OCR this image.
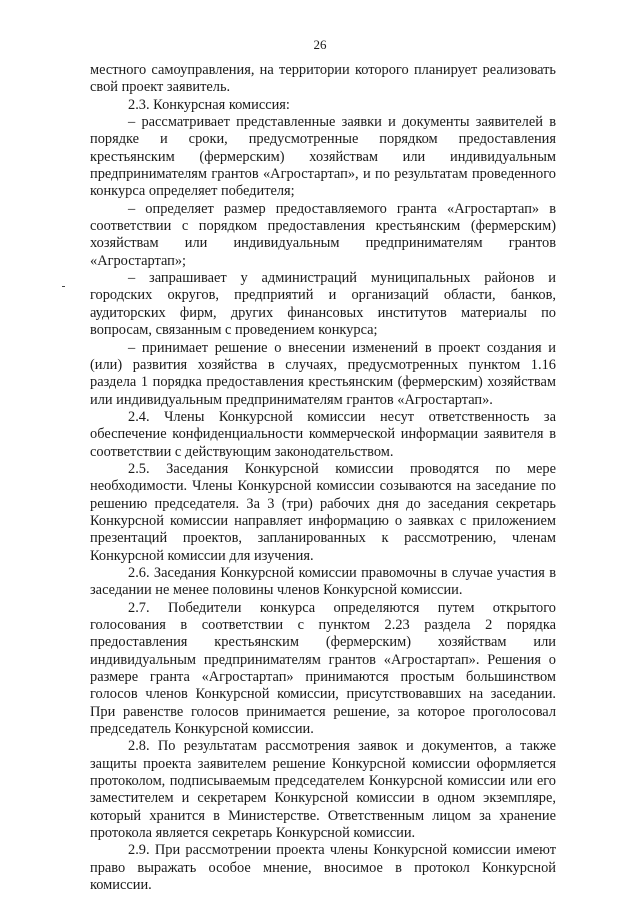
26

местного самоуправления, на территории которого планирует реализовать свой проект заявитель.

2.3. Конкурсная комиссия:

– рассматривает представленные заявки и документы заявителей в порядке и сроки, предусмотренные порядком предоставления крестьянским (фермерским) хозяйствам или индивидуальным предпринимателям грантов «Агростартап», и по результатам проведенного конкурса определяет победителя;

– определяет размер предоставляемого гранта «Агростартап» в соответствии с порядком предоставления крестьянским (фермерским) хозяйствам или индивидуальным предпринимателям грантов «Агростартап»;

– запрашивает у администраций муниципальных районов и городских округов, предприятий и организаций области, банков, аудиторских фирм, других финансовых институтов материалы по вопросам, связанным с проведением конкурса;

– принимает решение о внесении изменений в проект создания и (или) развития хозяйства в случаях, предусмотренных пунктом 1.16 раздела 1 порядка предоставления крестьянским (фермерским) хозяйствам или индивидуальным предпринимателям грантов «Агростартап».

2.4. Члены Конкурсной комиссии несут ответственность за обеспечение конфиденциальности коммерческой информации заявителя в соответствии с действующим законодательством.

2.5. Заседания Конкурсной комиссии проводятся по мере необходимости. Члены Конкурсной комиссии созываются на заседание по решению председателя. За 3 (три) рабочих дня до заседания секретарь Конкурсной комиссии направляет информацию о заявках с приложением презентаций проектов, запланированных к рассмотрению, членам Конкурсной комиссии для изучения.

2.6. Заседания Конкурсной комиссии правомочны в случае участия в заседании не менее половины членов Конкурсной комиссии.

2.7. Победители конкурса определяются путем открытого голосования в соответствии с пунктом 2.23 раздела 2 порядка предоставления крестьянским (фермерским) хозяйствам или индивидуальным предпринимателям грантов «Агростартап». Решения о размере гранта «Агростартап» принимаются простым большинством голосов членов Конкурсной комиссии, присутствовавших на заседании. При равенстве голосов принимается решение, за которое проголосовал председатель Конкурсной комиссии.

2.8. По результатам рассмотрения заявок и документов, а также защиты проекта заявителем решение Конкурсной комиссии оформляется протоколом, подписываемым председателем Конкурсной комиссии или его заместителем и секретарем Конкурсной комиссии в одном экземпляре, который хранится в Министерстве. Ответственным лицом за хранение протокола является секретарь Конкурсной комиссии.

2.9. При рассмотрении проекта члены Конкурсной комиссии имеют право выражать особое мнение, вносимое в протокол Конкурсной комиссии.
